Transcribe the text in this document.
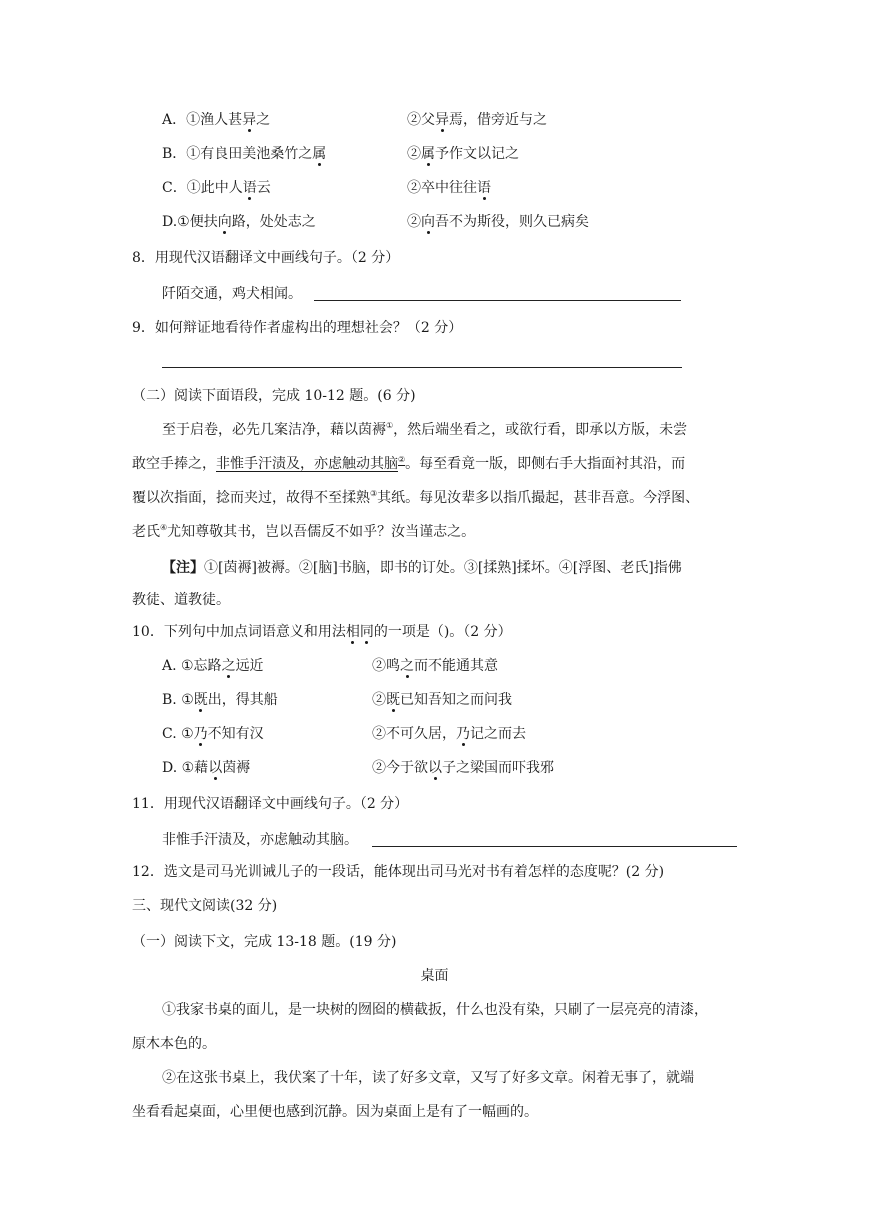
A．①渔人甚异之	②父异焉，借旁近与之
B．①有良田美池桑竹之属	②属予作文以记之
C．①此中人语云	②卒中往往语
D.①便扶向路，处处志之	②向吾不为斯役，则久已病矣
8．用现代汉语翻译文中画线句子。（2 分）
阡陌交通，鸡犬相闻。
9．如何辩证地看待作者虚构出的理想社会？（2 分）
（二）阅读下面语段，完成 10-12 题。(6 分)
至于启卷，必先几案洁净，藉以茵褥①，然后端坐看之，或欲行看，即承以方版，未尝
敢空手捧之，非惟手汗渍及，亦虑触动其脑②。每至看竟一版，即侧右手大指面衬其沿，而
覆以次指面，捻而夹过，故得不至揉熟③其纸。每见汝辈多以指爪撮起，甚非吾意。今浮图、
老氏④尤知尊敬其书，岂以吾儒反不如乎？汝当谨志之。
【注】①[茵褥]被褥。②[脑]书脑，即书的订处。③[揉熟]揉坏。④[浮图、老氏]指佛
教徒、道教徒。
10．下列句中加点词语意义和用法相同的一项是（)。（2 分）
A. ①忘路之远近	②鸣之而不能通其意
B. ①既出，得其船	②既已知吾知之而问我
C. ①乃不知有汉	②不可久居，乃记之而去
D. ①藉以茵褥	②今于欲以子之梁国而吓我邪
11．用现代汉语翻译文中画线句子。（2 分）
非惟手汗渍及，亦虑触动其脑。
12．选文是司马光训诫儿子的一段话，能体现出司马光对书有着怎样的态度呢？(2 分)
三、现代文阅读(32 分)
（一）阅读下文，完成 13-18 题。(19 分)
桌面
①我家书桌的面儿，是一块树的囫囵的横截扳，什么也没有染，只刷了一层亮亮的清漆，
原木本色的。
②在这张书桌上，我伏案了十年，读了好多文章，又写了好多文章。闲着无事了，就端
坐看看起桌面，心里便也感到沉静。因为桌面上是有了一幅画的。
